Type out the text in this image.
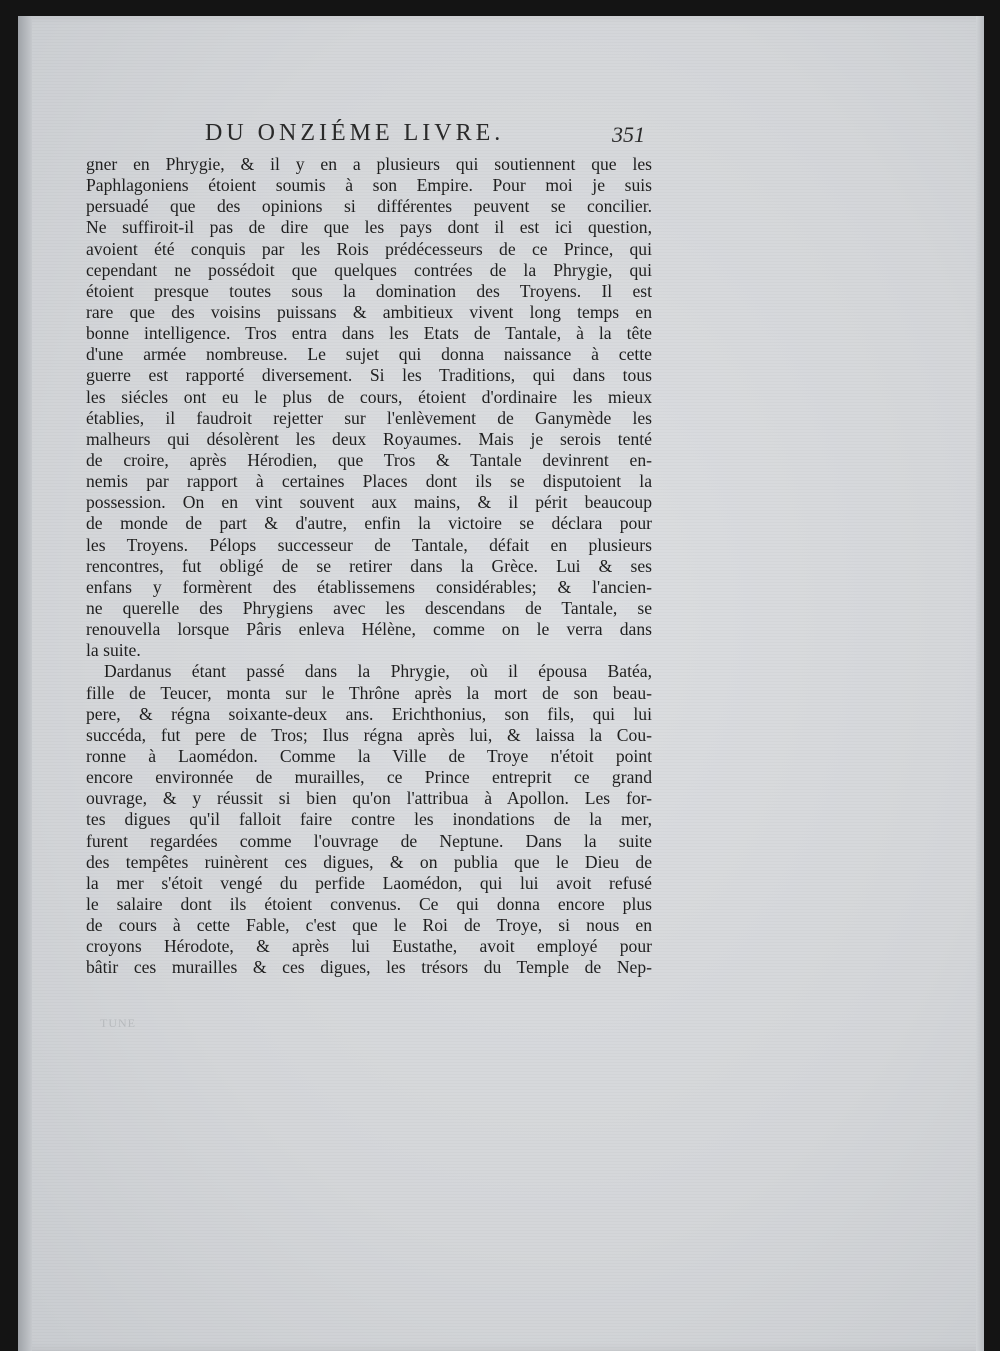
DU ONZIÉME LIVRE.	351
gner en Phrygie, & il y en a plusieurs qui soutiennent que les
Paphlagoniens étoient soumis à son Empire. Pour moi je suis
persuadé que des opinions si différentes peuvent se concilier.
Ne suffiroit-il pas de dire que les pays dont il est ici question,
avoient été conquis par les Rois prédécesseurs de ce Prince, qui
cependant ne possédoit que quelques contrées de la Phrygie, qui
étoient presque toutes sous la domination des Troyens. Il est
rare que des voisins puissans & ambitieux vivent long temps en
bonne intelligence. Tros entra dans les Etats de Tantale, à la tête
d'une armée nombreuse. Le sujet qui donna naissance à cette
guerre est rapporté diversement. Si les Traditions, qui dans tous
les siécles ont eu le plus de cours, étoient d'ordinaire les mieux
établies, il faudroit rejetter sur l'enlèvement de Ganymède les
malheurs qui désolèrent les deux Royaumes. Mais je serois tenté
de croire, après Hérodien, que Tros & Tantale devinrent en-
nemis par rapport à certaines Places dont ils se disputoient la
possession. On en vint souvent aux mains, & il périt beaucoup
de monde de part & d'autre, enfin la victoire se déclara pour
les Troyens. Pélops successeur de Tantale, défait en plusieurs
rencontres, fut obligé de se retirer dans la Grèce. Lui & ses
enfans y formèrent des établissemens considérables; & l'ancien-
ne querelle des Phrygiens avec les descendans de Tantale, se
renouvella lorsque Pâris enleva Hélène, comme on le verra dans
la suite.
Dardanus étant passé dans la Phrygie, où il épousa Batéa,
fille de Teucer, monta sur le Thrône après la mort de son beau-
pere, & régna soixante-deux ans. Erichthonius, son fils, qui lui
succéda, fut pere de Tros; Ilus régna après lui, & laissa la Cou-
ronne à Laomédon. Comme la Ville de Troye n'étoit point
encore environnée de murailles, ce Prince entreprit ce grand
ouvrage, & y réussit si bien qu'on l'attribua à Apollon. Les for-
tes digues qu'il falloit faire contre les inondations de la mer,
furent regardées comme l'ouvrage de Neptune. Dans la suite
des tempêtes ruinèrent ces digues, & on publia que le Dieu de
la mer s'étoit vengé du perfide Laomédon, qui lui avoit refusé
le salaire dont ils étoient convenus. Ce qui donna encore plus
de cours à cette Fable, c'est que le Roi de Troye, si nous en
croyons Hérodote, & après lui Eustathe, avoit employé pour
bâtir ces murailles & ces digues, les trésors du Temple de Nep-
TUNE
